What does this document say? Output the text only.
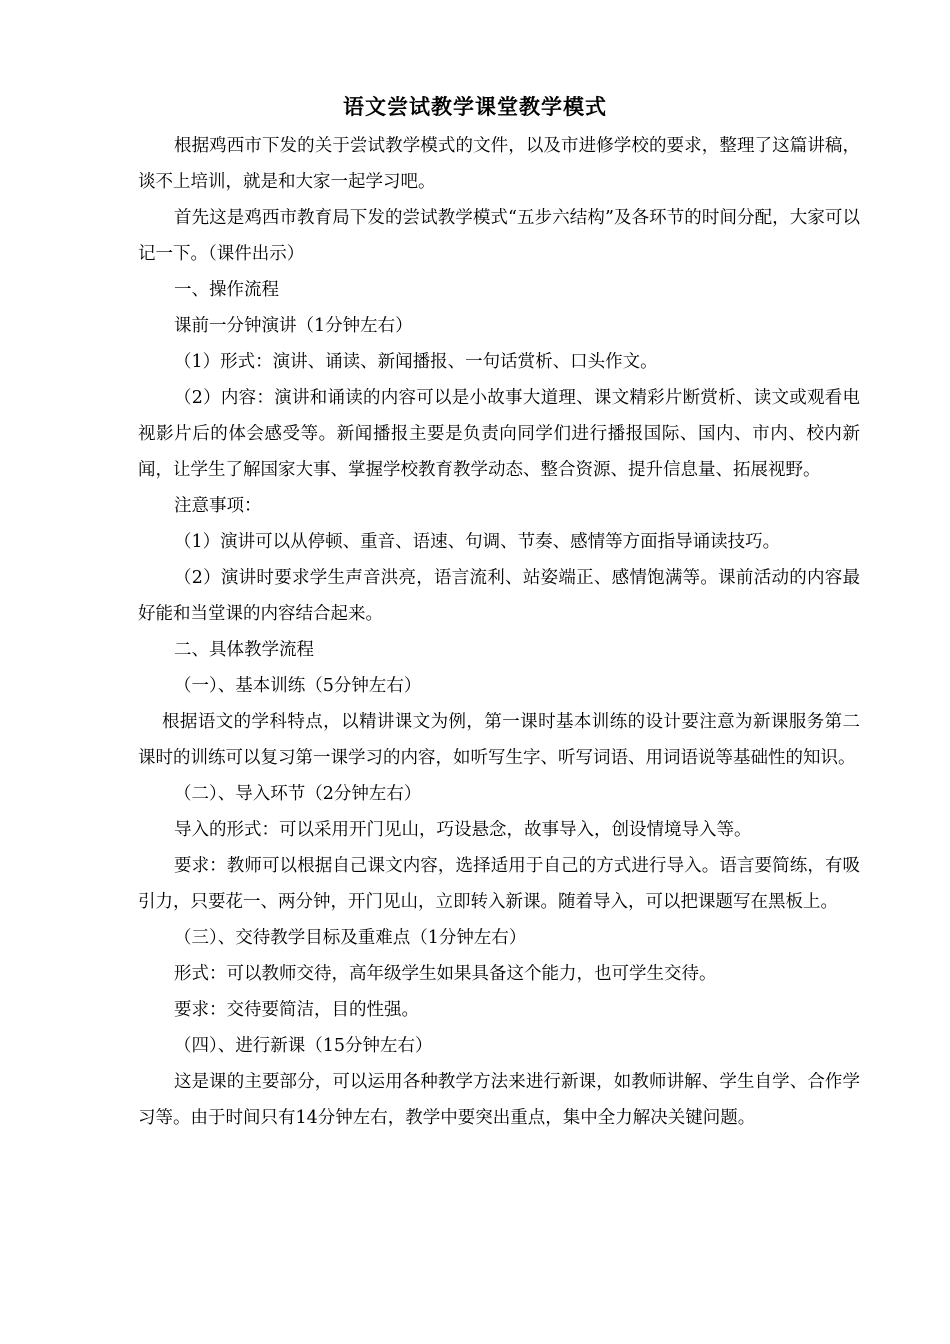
语文尝试教学课堂教学模式

根据鸡西市下发的关于尝试教学模式的文件，以及市进修学校的要求，整理了这篇讲稿，谈不上培训，就是和大家一起学习吧。

首先这是鸡西市教育局下发的尝试教学模式“五步六结构”及各环节的时间分配，大家可以记一下。（课件出示）

一、操作流程

课前一分钟演讲（1分钟左右）

（1）形式：演讲、诵读、新闻播报、一句话赏析、口头作文。

（2）内容：演讲和诵读的内容可以是小故事大道理、课文精彩片断赏析、读文或观看电视影片后的体会感受等。新闻播报主要是负责向同学们进行播报国际、国内、市内、校内新闻，让学生了解国家大事、掌握学校教育教学动态、整合资源、提升信息量、拓展视野。

注意事项：

（1）演讲可以从停顿、重音、语速、句调、节奏、感情等方面指导诵读技巧。

（2）演讲时要求学生声音洪亮，语言流利、站姿端正、感情饱满等。课前活动的内容最好能和当堂课的内容结合起来。

二、具体教学流程

（一）、基本训练（5分钟左右）

根据语文的学科特点，以精讲课文为例，第一课时基本训练的设计要注意为新课服务第二课时的训练可以复习第一课学习的内容，如听写生字、听写词语、用词语说等基础性的知识。

（二）、导入环节（2分钟左右）

导入的形式：可以采用开门见山，巧设悬念，故事导入，创设情境导入等。

要求：教师可以根据自己课文内容，选择适用于自己的方式进行导入。语言要简练，有吸引力，只要花一、两分钟，开门见山，立即转入新课。随着导入，可以把课题写在黑板上。

（三）、交待教学目标及重难点（1分钟左右）

形式：可以教师交待，高年级学生如果具备这个能力，也可学生交待。

要求：交待要简洁，目的性强。

（四）、进行新课（15分钟左右）

这是课的主要部分，可以运用各种教学方法来进行新课，如教师讲解、学生自学、合作学习等。由于时间只有14分钟左右，教学中要突出重点，集中全力解决关键问题。
